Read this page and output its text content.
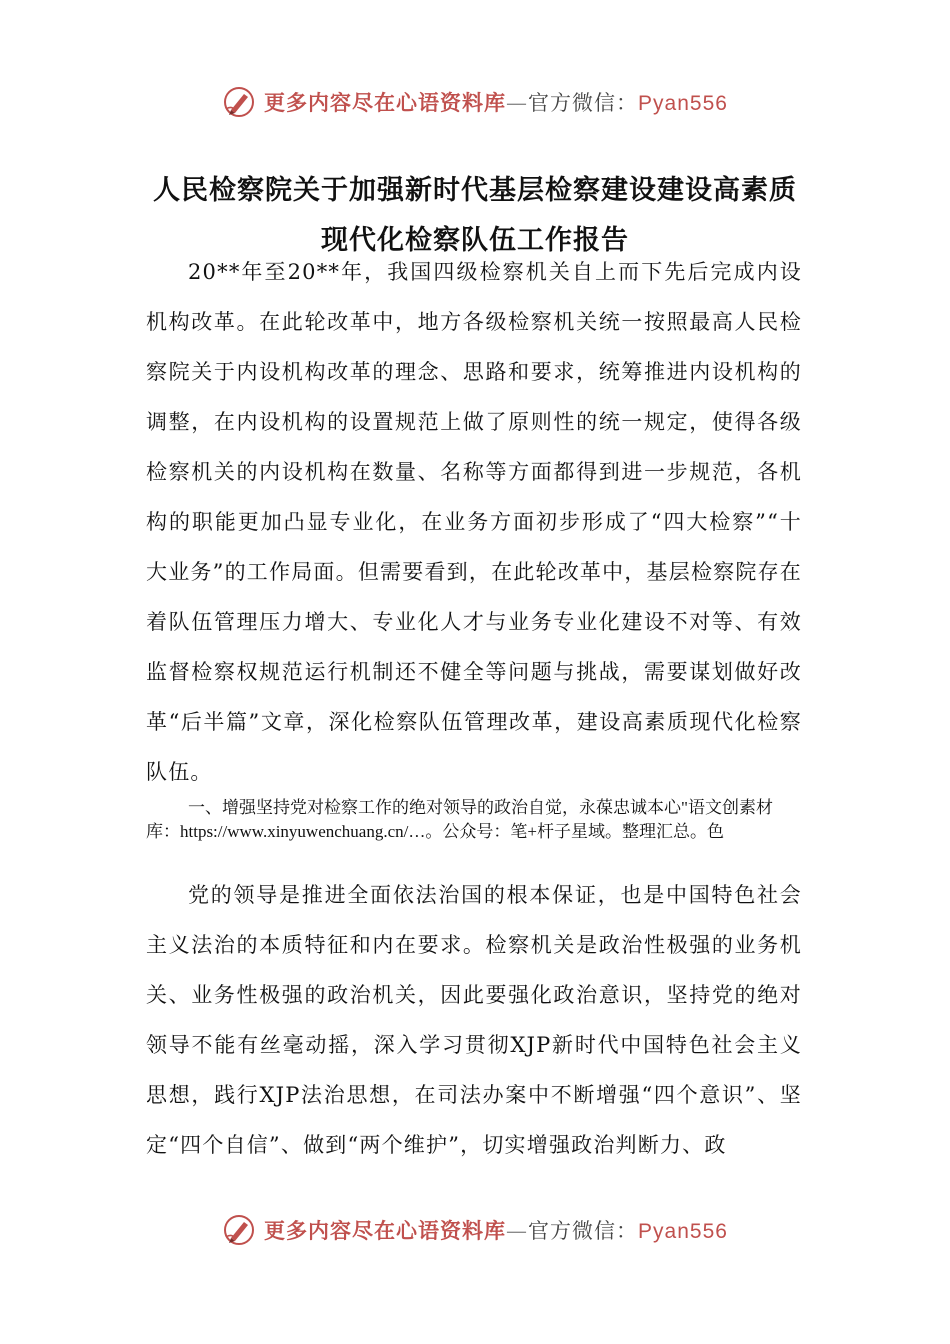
更多内容尽在心语资料库—官方微信：Pyan556
人民检察院关于加强新时代基层检察建设建设高素质现代化检察队伍工作报告

20**年至20**年，我国四级检察机关自上而下先后完成内设机构改革。在此轮改革中，地方各级检察机关统一按照最高人民检察院关于内设机构改革的理念、思路和要求，统筹推进内设机构的调整，在内设机构的设置规范上做了原则性的统一规定，使得各级检察机关的内设机构在数量、名称等方面都得到进一步规范，各机构的职能更加凸显专业化，在业务方面初步形成了“四大检察”“十大业务”的工作局面。但需要看到，在此轮改革中，基层检察院存在着队伍管理压力增大、专业化人才与业务专业化建设不对等、有效监督检察权规范运行机制还不健全等问题与挑战，需要谋划做好改革“后半篇”文章，深化检察队伍管理改革，建设高素质现代化检察队伍。

一、增强坚持党对检察工作的绝对领导的政治自觉，永葆忠诚本心"语文创素材库：https://www.xinyuwenchuang.cn/…。公众号：笔+杆子星域。整理汇总。色

党的领导是推进全面依法治国的根本保证，也是中国特色社会主义法治的本质特征和内在要求。检察机关是政治性极强的业务机关、业务性极强的政治机关，因此要强化政治意识，坚持党的绝对领导不能有丝毫动摇，深入学习贯彻XJP新时代中国特色社会主义思想，践行XJP法治思想，在司法办案中不断增强“四个意识”、坚定“四个自信”、做到“两个维护”，切实增强政治判断力、政

更多内容尽在心语资料库—官方微信：Pyan556
